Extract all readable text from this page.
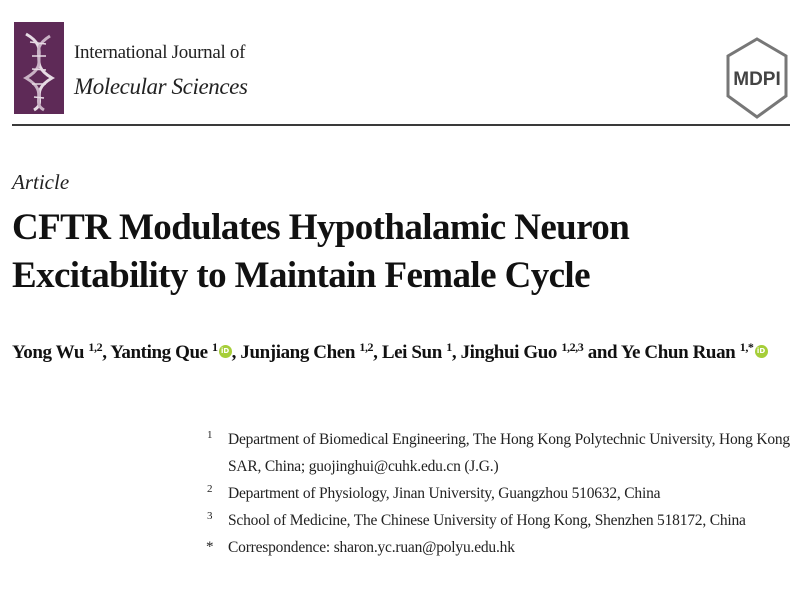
International Journal of
Molecular Sciences	MDPI
Article
CFTR Modulates Hypothalamic Neuron Excitability to Maintain Female Cycle
Yong Wu $^{1,2}$, Yanting Que $^1$ iD , Junjiang Chen $^{1,2}$, Lei Sun $^1$, Jinghui Guo $^{1,2,3}$ and Ye Chun Ruan $^{1,*}$ iD
1 Department of Biomedical Engineering, The Hong Kong Polytechnic University, Hong Kong SAR, China; guojinghui@cuhk.edu.cn (J.G.)
2 Department of Physiology, Jinan University, Guangzhou 510632, China
3 School of Medicine, The Chinese University of Hong Kong, Shenzhen 518172, China
* Correspondence: sharon.yc.ruan@polyu.edu.hk
